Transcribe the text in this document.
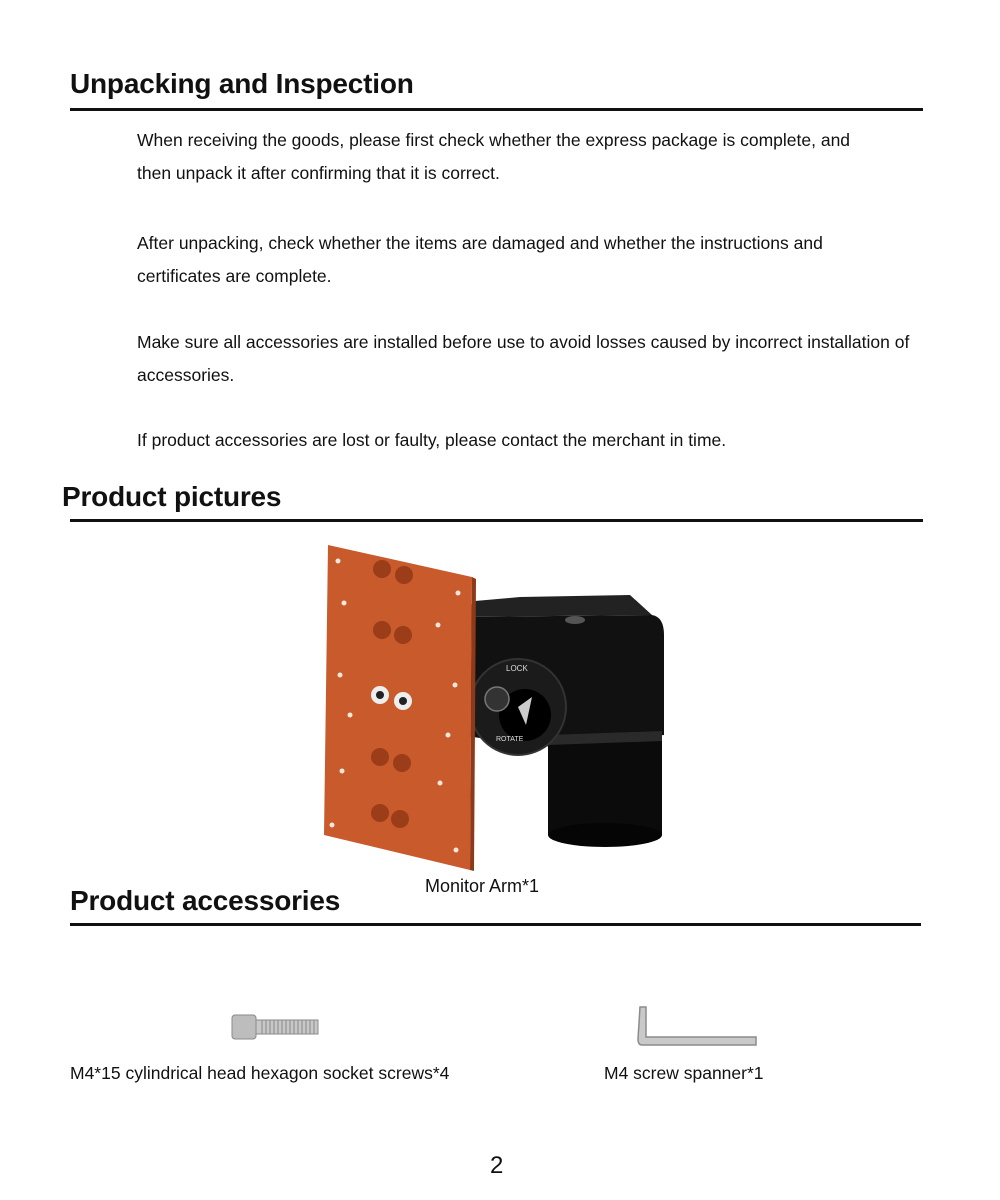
Unpacking and Inspection

When receiving the goods, please first check whether the express package is complete, and then unpack it after confirming that it is correct.

After unpacking, check whether the items are damaged and whether the instructions and certificates are complete.

Make sure all accessories are installed before use to avoid losses caused by incorrect installation of accessories.

If product accessories are lost or faulty, please contact the merchant in time.

Product pictures
LOCK
ROTATE
Monitor Arm*1
Product accessories
M4*15 cylindrical head hexagon socket screws*4	M4 screw spanner*1
2
